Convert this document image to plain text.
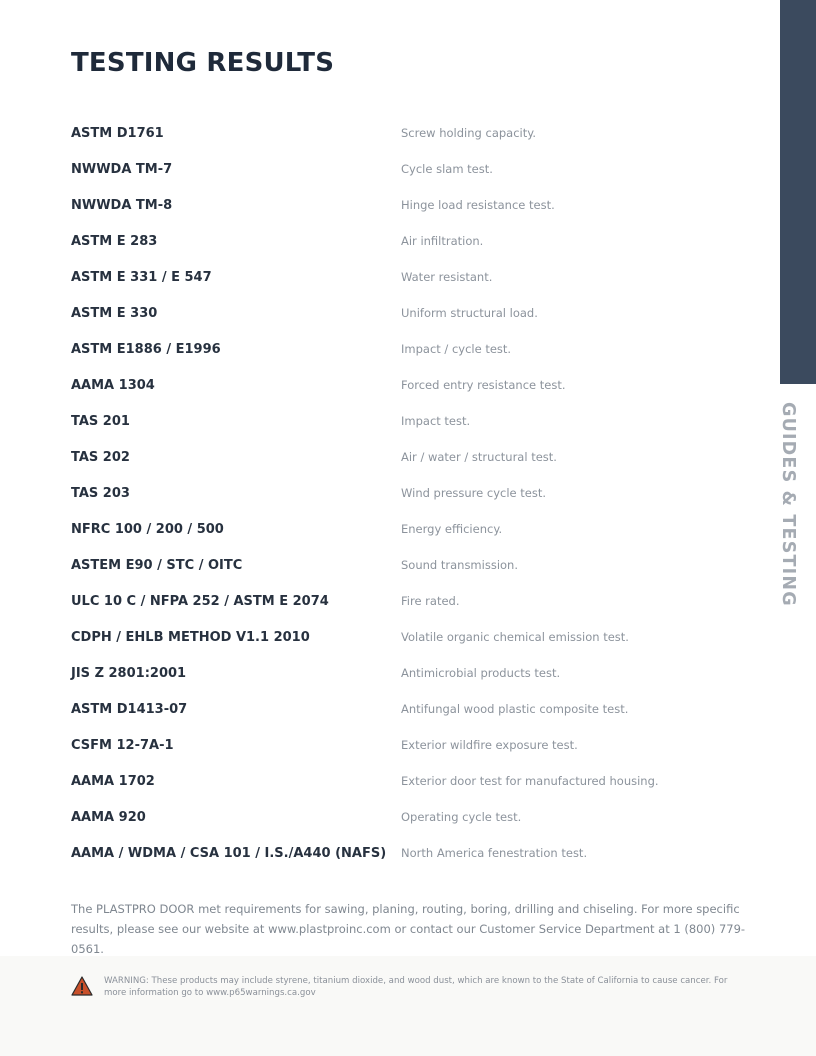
GUIDES & TESTING
TESTING RESULTS
ASTM D1761	Screw holding capacity.
NWWDA TM-7	Cycle slam test.
NWWDA TM-8	Hinge load resistance test.
ASTM E 283	Air infiltration.
ASTM E 331 / E 547	Water resistant.
ASTM E 330	Uniform structural load.
ASTM E1886 / E1996	Impact / cycle test.
AAMA 1304	Forced entry resistance test.
TAS 201	Impact test.
TAS 202	Air / water / structural test.
TAS 203	Wind pressure cycle test.
NFRC 100 / 200 / 500	Energy efficiency.
ASTEM E90 / STC / OITC	Sound transmission.
ULC 10 C / NFPA 252 / ASTM E 2074	Fire rated.
CDPH / EHLB METHOD V1.1 2010	Volatile organic chemical emission test.
JIS Z 2801:2001	Antimicrobial products test.
ASTM D1413-07	Antifungal wood plastic composite test.
CSFM 12-7A-1	Exterior wildfire exposure test.
AAMA 1702	Exterior door test for manufactured housing.
AAMA 920	Operating cycle test.
AAMA / WDMA / CSA 101 / I.S./A440 (NAFS) North America fenestration test.

The PLASTPRO DOOR met requirements for sawing, planing, routing, boring, drilling and chiseling. For more specific results, please see our website at www.plastproinc.com or contact our Customer Service Department at 1 (800) 779-0561.

WARNING: These products may include styrene, titanium dioxide, and wood dust, which are known to the State of California to cause cancer. For more information go to www.p65warnings.ca.gov
